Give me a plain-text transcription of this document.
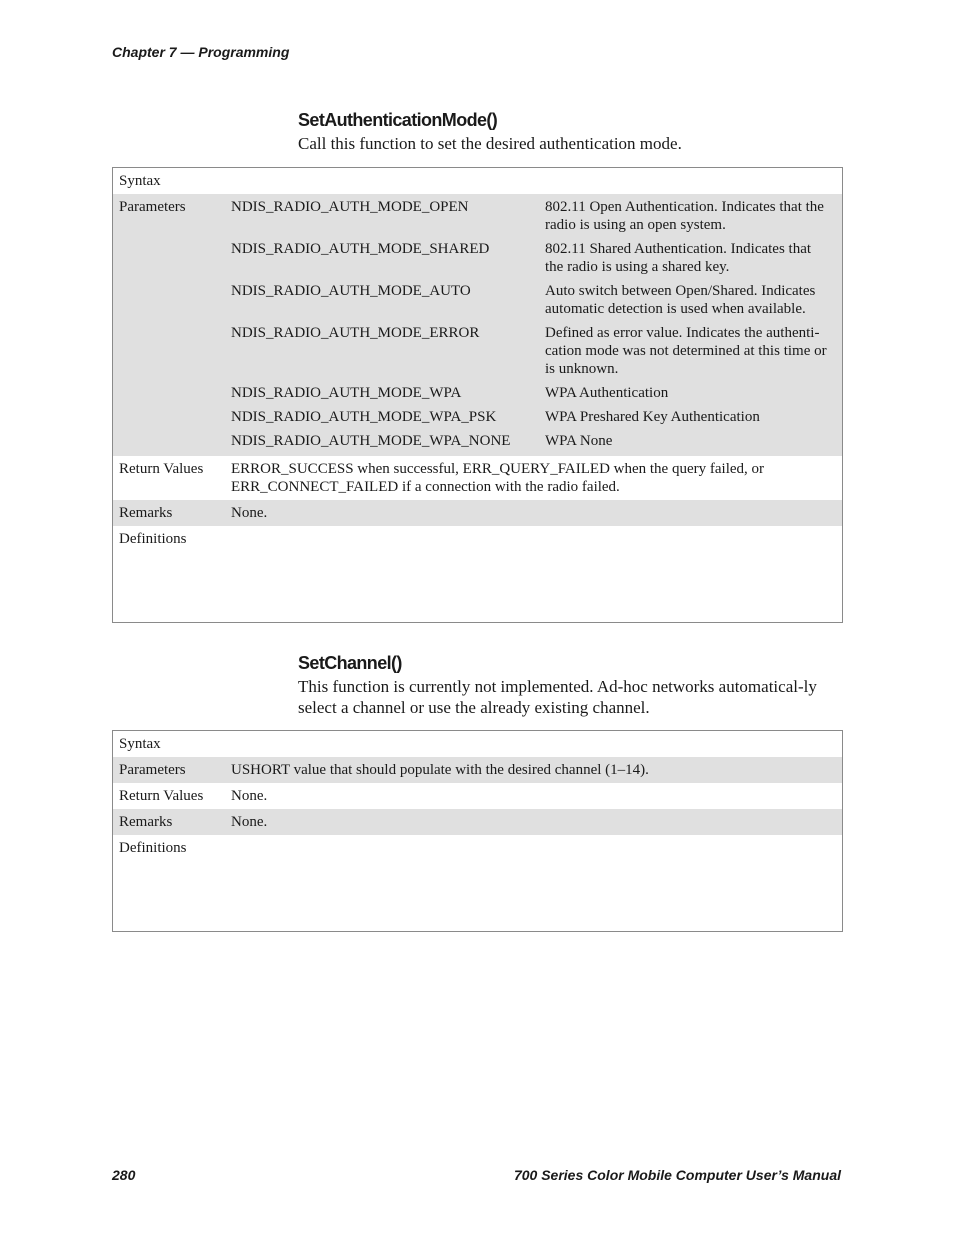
Chapter 7 — Programming
SetAuthenticationMode()
Call this function to set the desired authentication mode.
Syntax	
Parameters		NDIS_RADIO_AUTH_MODE_OPEN	802.11 Open Authentication. Indicates that the radio is using an open system.
NDIS_RADIO_AUTH_MODE_SHARED	802.11 Shared Authentication. Indicates that the radio is using a shared key.
NDIS_RADIO_AUTH_MODE_AUTO	Auto switch between Open/Shared. Indicates automatic detection is used when available.
NDIS_RADIO_AUTH_MODE_ERROR	Defined as error value. Indicates the authenti-cation mode was not determined at this time or is unknown.
NDIS_RADIO_AUTH_MODE_WPA	WPA Authentication
NDIS_RADIO_AUTH_MODE_WPA_PSK	WPA Preshared Key Authentication
NDIS_RADIO_AUTH_MODE_WPA_NONE	WPA None

Return Values	ERROR_SUCCESS when successful, ERR_QUERY_FAILED when the query failed, or ERR_CONNECT_FAILED if a connection with the radio failed.
Remarks	None.
Definitions	
SetChannel()
This function is currently not implemented. Ad-hoc networks automatical-ly select a channel or use the already existing channel.
Syntax	
Parameters	USHORT value that should populate with the desired channel (1–14).
Return Values	None.
Remarks	None.
Definitions	
280	700 Series Color Mobile Computer User’s Manual
